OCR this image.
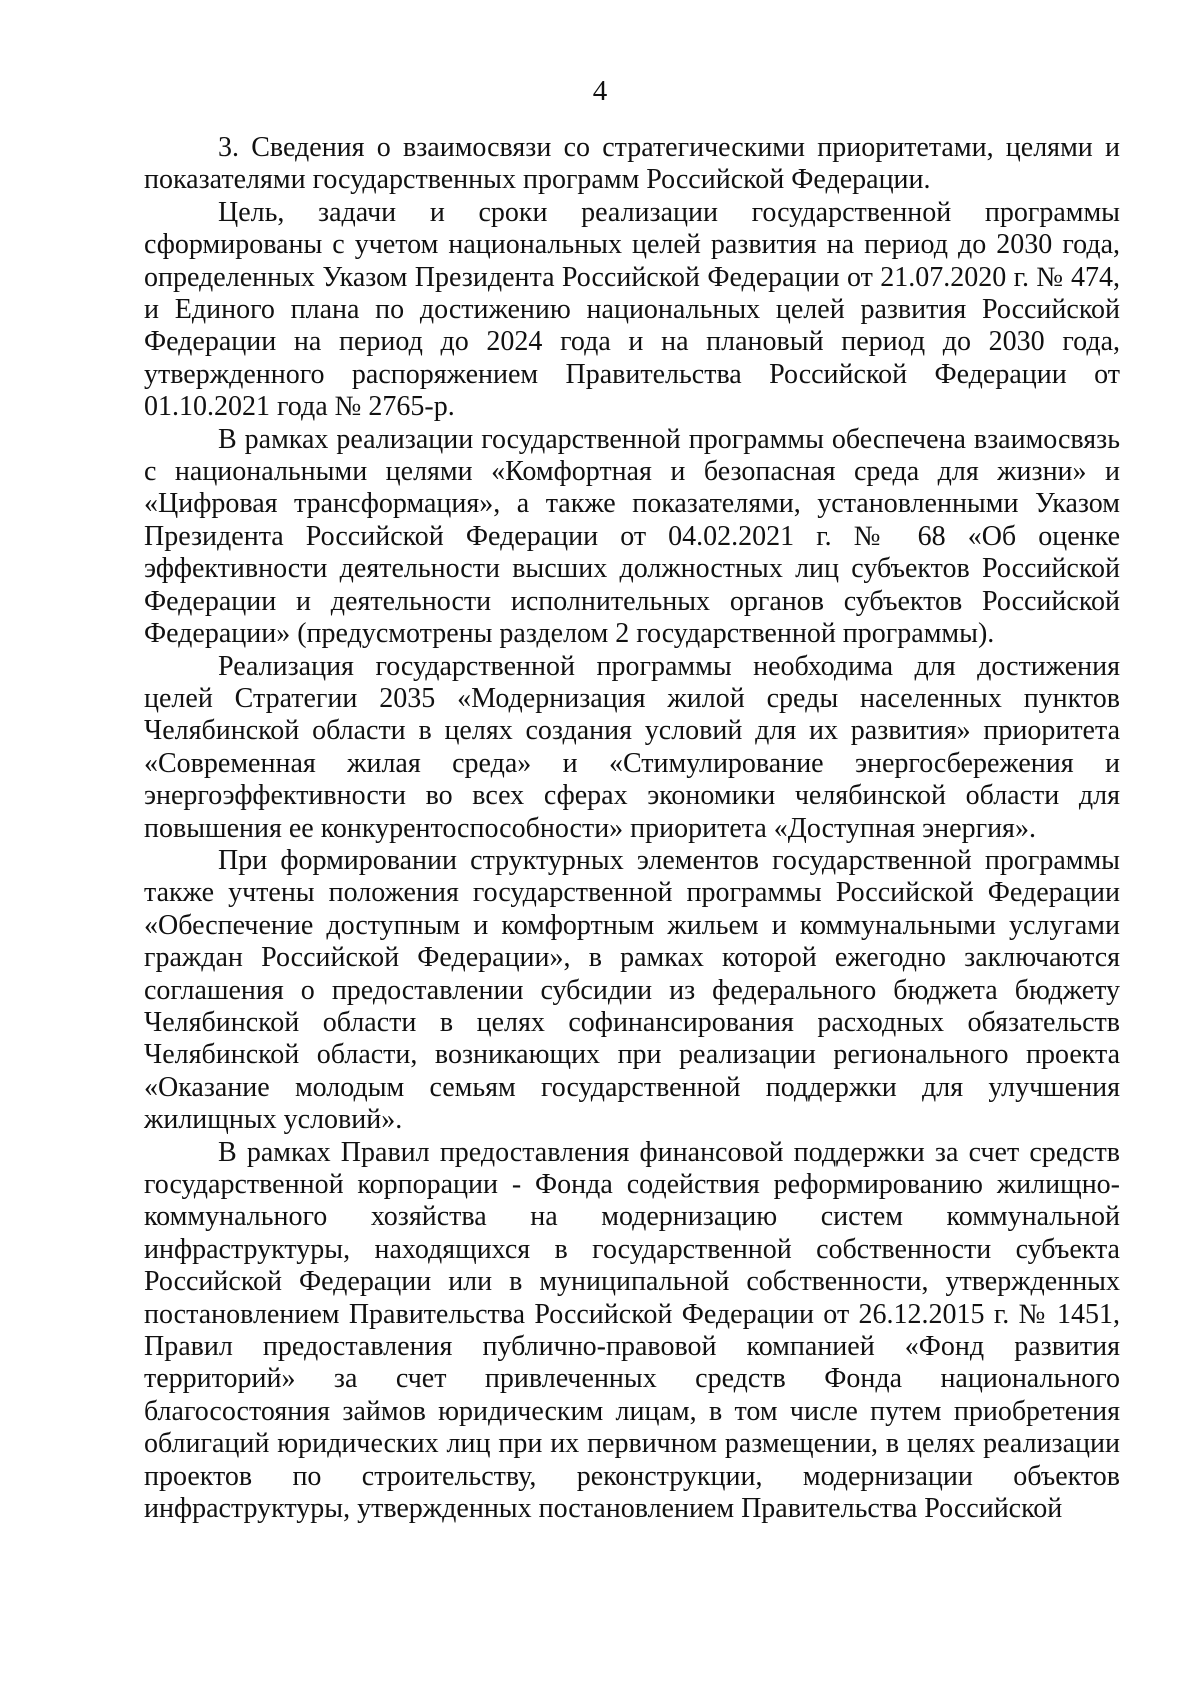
4

3. Сведения о взаимосвязи со стратегическими приоритетами, целями и показателями государственных программ Российской Федерации.

Цель, задачи и сроки реализации государственной программы сформированы с учетом национальных целей развития на период до 2030 года, определенных Указом Президента Российской Федерации от 21.07.2020 г. № 474, и Единого плана по достижению национальных целей развития Российской Федерации на период до 2024 года и на плановый период до 2030 года, утвержденного распоряжением Правительства Российской Федерации от 01.10.2021 года № 2765-р.

В рамках реализации государственной программы обеспечена взаимосвязь с национальными целями «Комфортная и безопасная среда для жизни» и «Цифровая трансформация», а также показателями, установленными Указом Президента Российской Федерации от 04.02.2021 г. № 68 «Об оценке эффективности деятельности высших должностных лиц субъектов Российской Федерации и деятельности исполнительных органов субъектов Российской Федерации» (предусмотрены разделом 2 государственной программы).

Реализация государственной программы необходима для достижения целей Стратегии 2035 «Модернизация жилой среды населенных пунктов Челябинской области в целях создания условий для их развития» приоритета «Современная жилая среда» и «Стимулирование энергосбережения и энергоэффективности во всех сферах экономики челябинской области для повышения ее конкурентоспособности» приоритета «Доступная энергия».

При формировании структурных элементов государственной программы также учтены положения государственной программы Российской Федерации «Обеспечение доступным и комфортным жильем и коммунальными услугами граждан Российской Федерации», в рамках которой ежегодно заключаются соглашения о предоставлении субсидии из федерального бюджета бюджету Челябинской области в целях софинансирования расходных обязательств Челябинской области, возникающих при реализации регионального проекта «Оказание молодым семьям государственной поддержки для улучшения жилищных условий».

В рамках Правил предоставления финансовой поддержки за счет средств государственной корпорации - Фонда содействия реформированию жилищно-коммунального хозяйства на модернизацию систем коммунальной инфраструктуры, находящихся в государственной собственности субъекта Российской Федерации или в муниципальной собственности, утвержденных постановлением Правительства Российской Федерации от 26.12.2015 г. № 1451, Правил предоставления публично-правовой компанией «Фонд развития территорий» за счет привлеченных средств Фонда национального благосостояния займов юридическим лицам, в том числе путем приобретения облигаций юридических лиц при их первичном размещении, в целях реализации проектов по строительству, реконструкции, модернизации объектов инфраструктуры, утвержденных постановлением Правительства Российской
